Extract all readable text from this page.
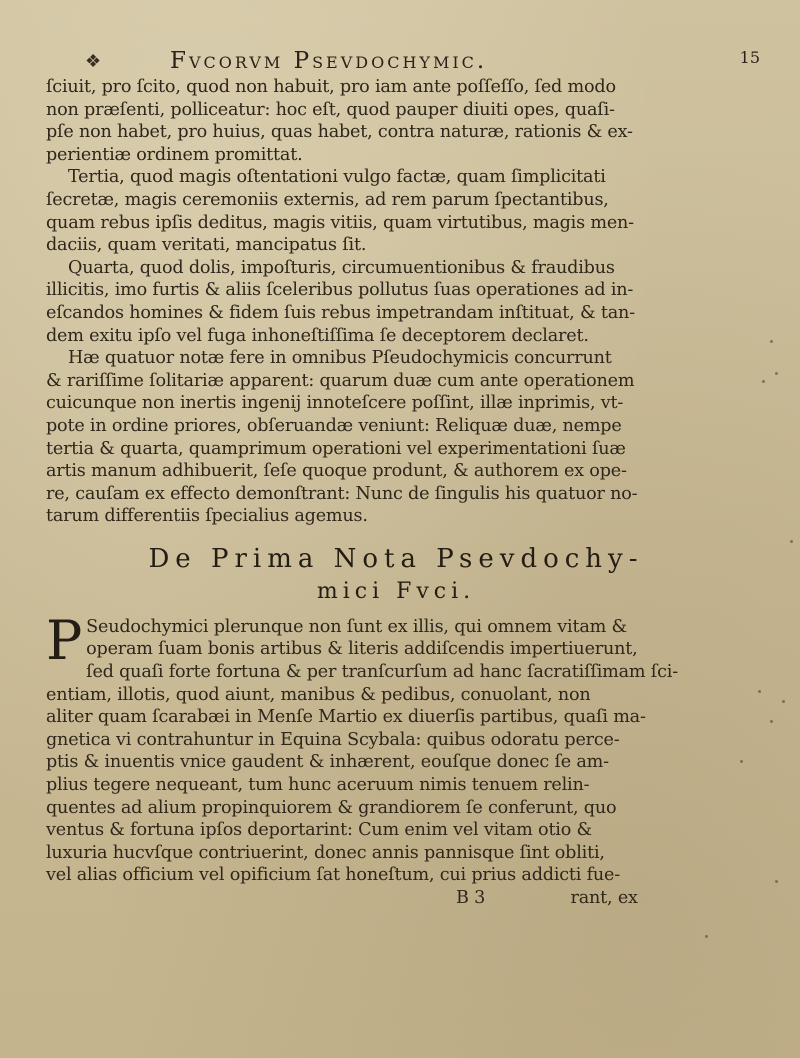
❖	Fvcorvm Psevdochymic.	15
ſciuit, pro ſcito, quod non habuit, pro iam ante poſſeſſo, ſed modo
non præſenti, polliceatur: hoc eſt, quod pauper diuiti opes, quaſi-
pſe non habet, pro huius, quas habet, contra naturæ, rationis & ex-
perientiæ ordinem promittat.
Tertia, quod magis oſtentationi vulgo factæ, quam ſimplicitati
ſecretæ, magis ceremoniis externis, ad rem parum ſpectantibus,
quam rebus ipſis deditus, magis vitiis, quam virtutibus, magis men-
daciis, quam veritati, mancipatus ſit.
Quarta, quod dolis, impoſturis, circumuentionibus & fraudibus
illicitis, imo furtis & aliis ſceleribus pollutus ſuas operationes ad in-
eſcandos homines & fidem ſuis rebus impetrandam inſtituat, & tan-
dem exitu ipſo vel fuga inhoneſtiſſima ſe deceptorem declaret.
Hæ quatuor notæ fere in omnibus Pſeudochymicis concurrunt
& rariſſime ſolitariæ apparent: quarum duæ cum ante operationem
cuicunque non inertis ingenij innoteſcere poſſint, illæ inprimis, vt-
pote in ordine priores, obſeruandæ veniunt: Reliquæ duæ, nempe
tertia & quarta, quamprimum operationi vel experimentationi ſuæ
artis manum adhibuerit, ſeſe quoque produnt, & authorem ex ope-
re, cauſam ex effecto demonſtrant: Nunc de ſingulis his quatuor no-
tarum differentiis ſpecialius agemus.
De Prima Nota Psevdochy-
mici Fvci.
P Seudochymici plerunque non ſunt ex illis, qui omnem vitam &
operam ſuam bonis artibus & literis addiſcendis impertiuerunt,
ſed quaſi forte fortuna & per tranſcurſum ad hanc ſacratiſſimam ſci-
entiam, illotis, quod aiunt, manibus & pedibus, conuolant, non
aliter quam ſcarabæi in Menſe Martio ex diuerſis partibus, quaſi ma-
gnetica vi contrahuntur in Equina Scybala: quibus odoratu perce-
ptis & inuentis vnice gaudent & inhærent, eouſque donec ſe am-
plius tegere nequeant, tum hunc aceruum nimis tenuem relin-
quentes ad alium propinquiorem & grandiorem ſe conferunt, quo
ventus & fortuna ipſos deportarint: Cum enim vel vitam otio &
luxuria hucvſque contriuerint, donec annis pannisque ſint obliti,
vel alias officium vel opificium ſat honeſtum, cui prius addicti fue-
B 3	rant, ex
